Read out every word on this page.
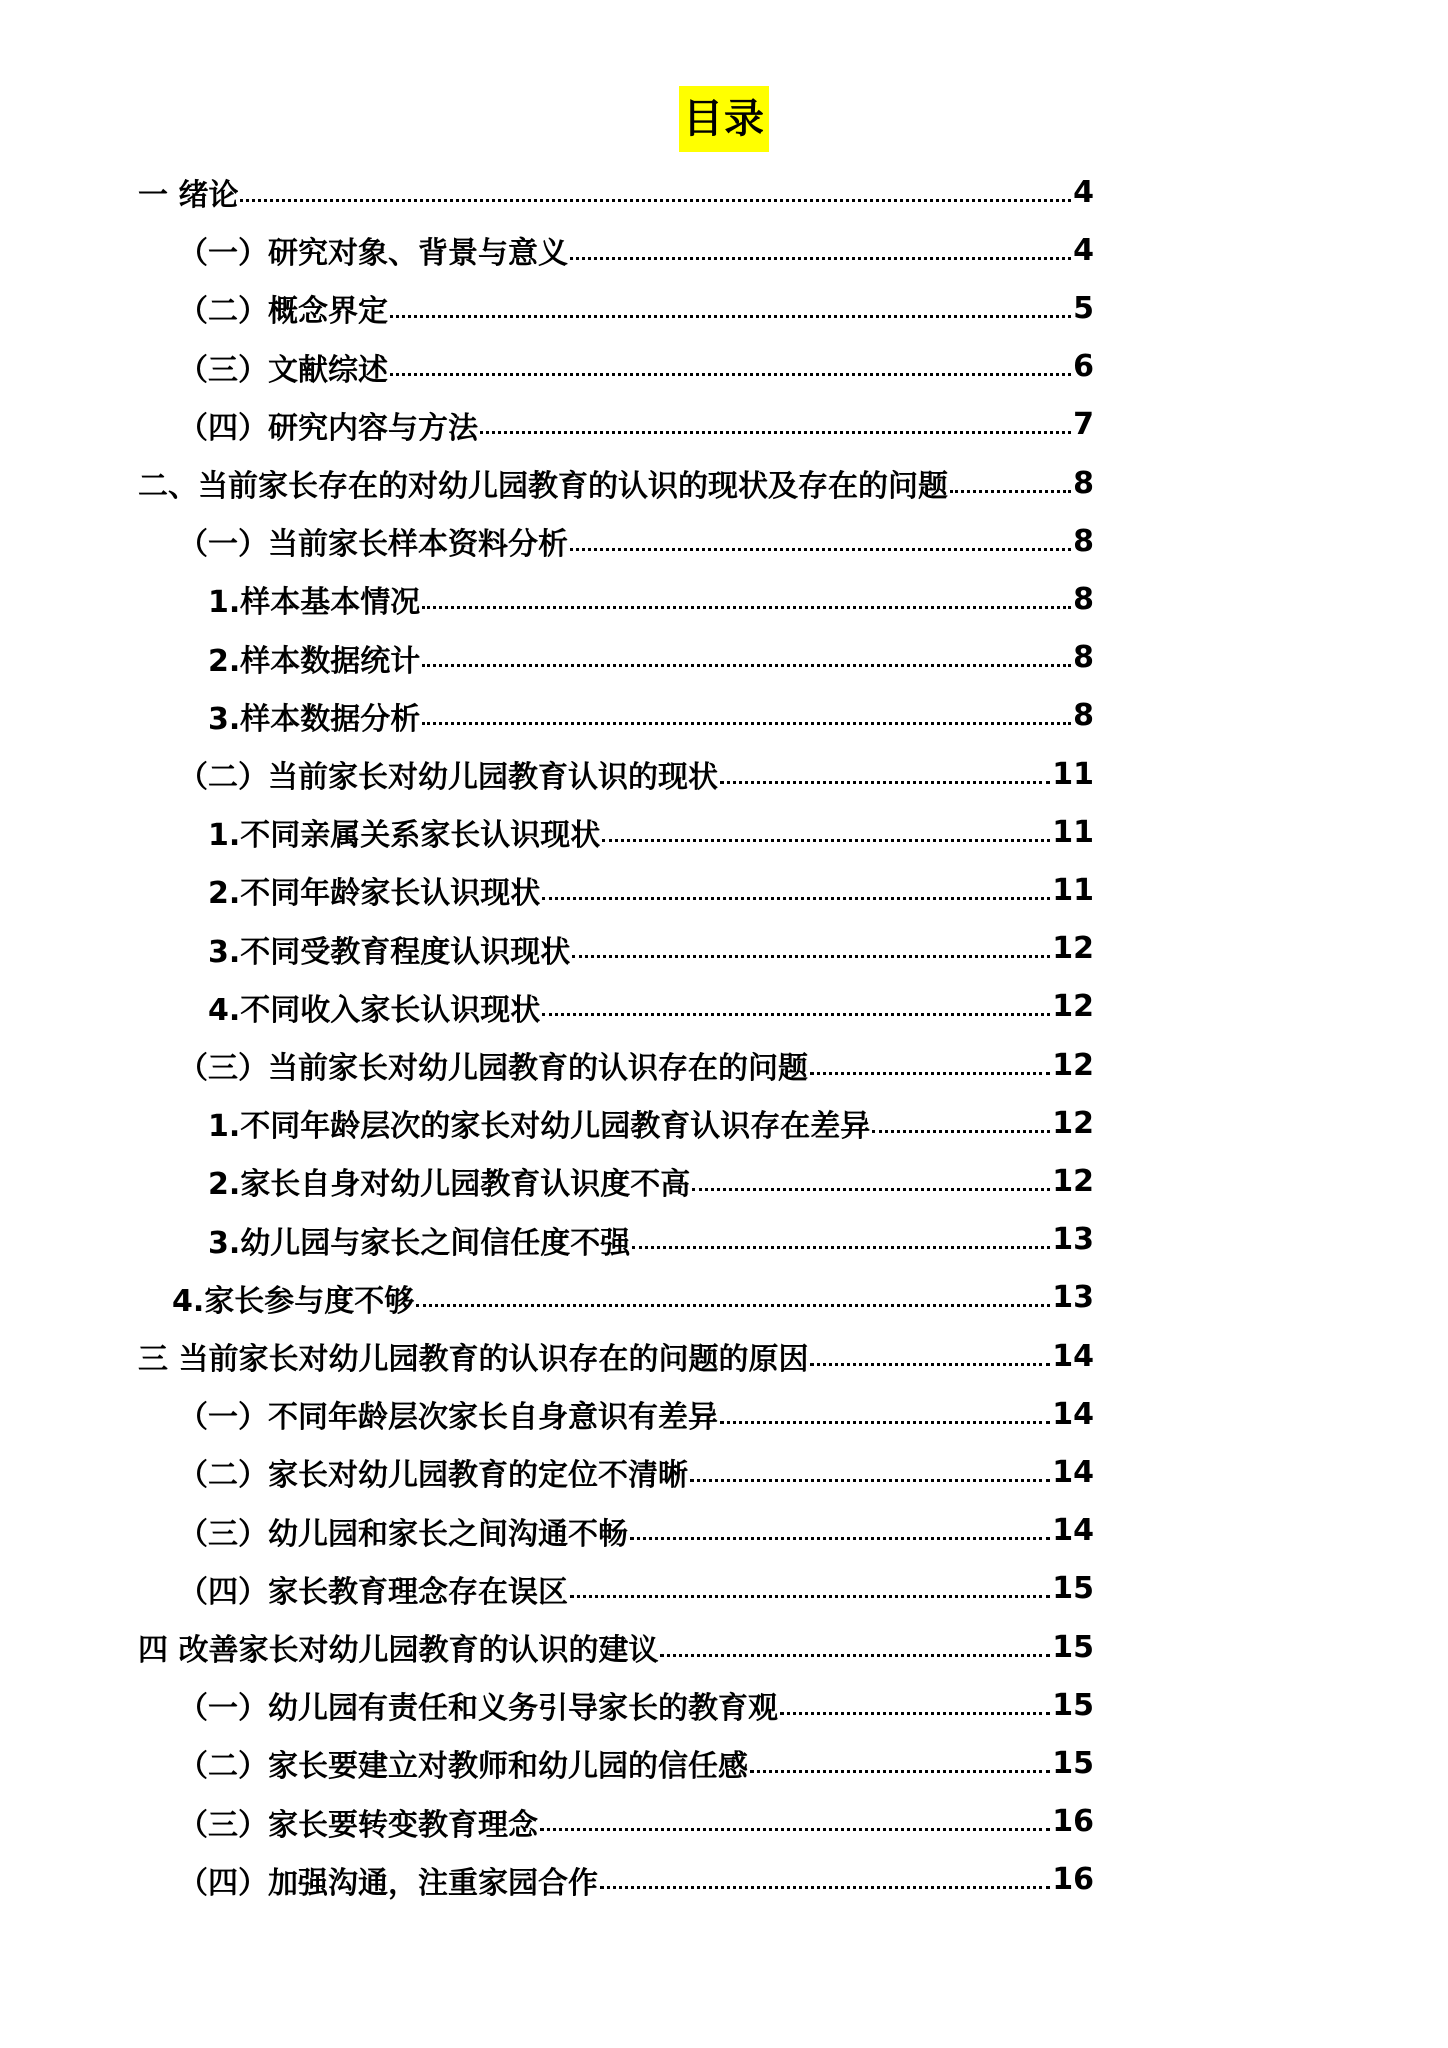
目录
一 绪论	4
（一）研究对象、背景与意义	4
（二）概念界定	5
（三）文献综述	6
（四）研究内容与方法	7
二、当前家长存在的对幼儿园教育的认识的现状及存在的问题	8
（一）当前家长样本资料分析	8
1.样本基本情况	8
2.样本数据统计	8
3.样本数据分析	8
（二）当前家长对幼儿园教育认识的现状	11
1.不同亲属关系家长认识现状	11
2.不同年龄家长认识现状	11
3.不同受教育程度认识现状	12
4.不同收入家长认识现状	12
（三）当前家长对幼儿园教育的认识存在的问题	12
1.不同年龄层次的家长对幼儿园教育认识存在差异	12
2.家长自身对幼儿园教育认识度不高	12
3.幼儿园与家长之间信任度不强	13
4.家长参与度不够	13
三 当前家长对幼儿园教育的认识存在的问题的原因	14
（一）不同年龄层次家长自身意识有差异	14
（二）家长对幼儿园教育的定位不清晰	14
（三）幼儿园和家长之间沟通不畅	14
（四）家长教育理念存在误区	15
四 改善家长对幼儿园教育的认识的建议	15
（一）幼儿园有责任和义务引导家长的教育观	15
（二）家长要建立对教师和幼儿园的信任感	15
（三）家长要转变教育理念	16
（四）加强沟通，注重家园合作	16
